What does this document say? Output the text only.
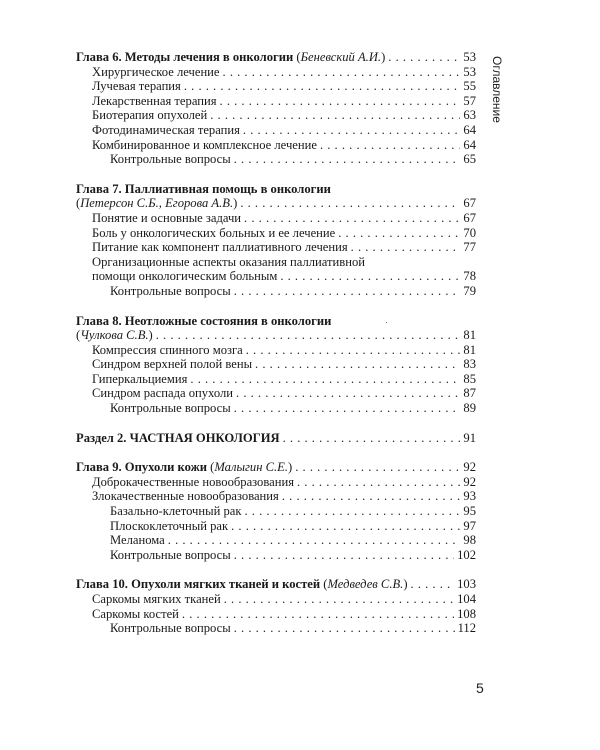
Оглавление
Глава 6. Методы лечения в онкологии (Беневский А.И.) . . .	53
Хирургическое лечение . . .	53
Лучевая терапия . . .	55
Лекарственная терапия . . .	57
Биотерапия опухолей . . .	63
Фотодинамическая терапия . . .	64
Комбинированное и комплексное лечение . . .	64
Контрольные вопросы . . .	65
Глава 7. Паллиативная помощь в онкологии
(Петерсон С.Б., Егорова А.В.) . . .	67
Понятие и основные задачи . . .	67
Боль у онкологических больных и ее лечение . . .	70
Питание как компонент паллиативного лечения . . .	77
Организационные аспекты оказания паллиативной
помощи онкологическим больным . . .	78
Контрольные вопросы . . .	79
Глава 8. Неотложные состояния в онкологии
(Чулкова С.В.) . . .	81
Компрессия спинного мозга . . .	81
Синдром верхней полой вены . . .	83
Гиперкальциемия . . .	85
Синдром распада опухоли . . .	87
Контрольные вопросы . . .	89
Раздел 2. ЧАСТНАЯ ОНКОЛОГИЯ . . .	91
Глава 9. Опухоли кожи (Малыгин С.Е.) . . .	92
Доброкачественные новообразования . . .	92
Злокачественные новообразования . . .	93
Базально-клеточный рак . . .	95
Плоскоклеточный рак . . .	97
Меланома . . .	98
Контрольные вопросы . . .	102
Глава 10. Опухоли мягких тканей и костей (Медведев С.В.) . . .	103
Саркомы мягких тканей . . .	104
Саркомы костей . . .	108
Контрольные вопросы . . .	112
5
